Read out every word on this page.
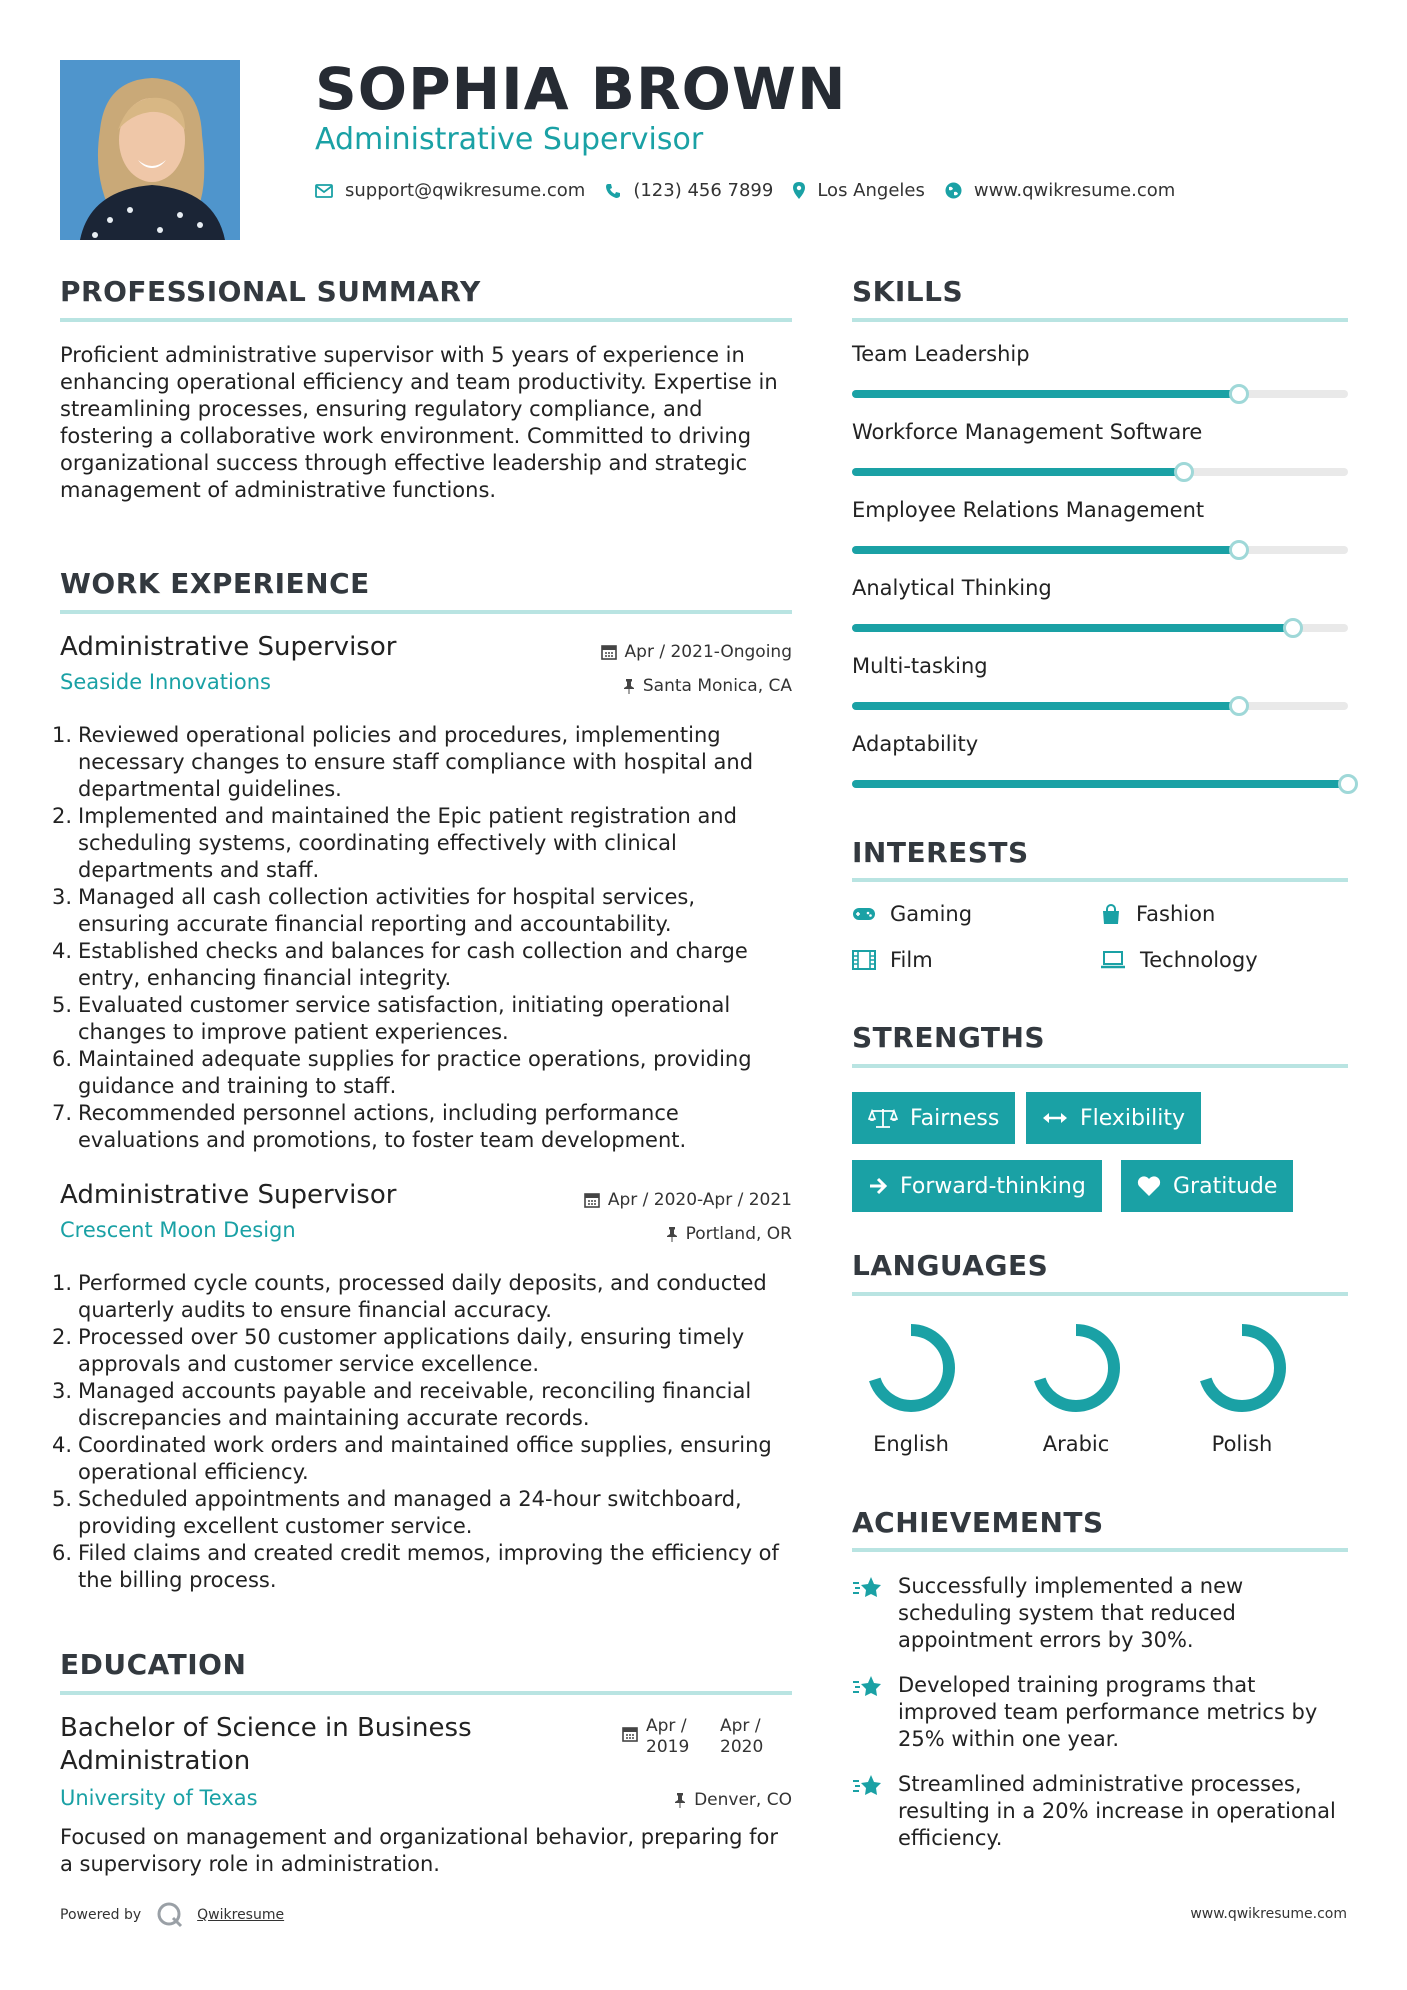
SOPHIA BROWN
Administrative Supervisor
support@qwikresume.com	(123) 456 7899 Los Angeles	www.qwikresume.com
PROFESSIONAL SUMMARY
Proficient administrative supervisor with 5 years of experience in enhancing operational efficiency and team productivity. Expertise in streamlining processes, ensuring regulatory compliance, and fostering a collaborative work environment. Committed to driving organizational success through effective leadership and strategic management of administrative functions.
WORK EXPERIENCE
Administrative Supervisor
Seaside Innovations
Apr / 2021-Ongoing
Santa Monica, CA
1. Reviewed operational policies and procedures, implementing necessary changes to ensure staff compliance with hospital and departmental guidelines.
2. Implemented and maintained the Epic patient registration and scheduling systems, coordinating effectively with clinical departments and staff.
3. Managed all cash collection activities for hospital services, ensuring accurate financial reporting and accountability.
4. Established checks and balances for cash collection and charge entry, enhancing financial integrity.
5. Evaluated customer service satisfaction, initiating operational changes to improve patient experiences.
6. Maintained adequate supplies for practice operations, providing guidance and training to staff.
7. Recommended personnel actions, including performance evaluations and promotions, to foster team development.
Administrative Supervisor
Crescent Moon Design
Apr / 2020-Apr / 2021
Portland, OR
1. Performed cycle counts, processed daily deposits, and conducted quarterly audits to ensure financial accuracy.
2. Processed over 50 customer applications daily, ensuring timely approvals and customer service excellence.
3. Managed accounts payable and receivable, reconciling financial discrepancies and maintaining accurate records.
4. Coordinated work orders and maintained office supplies, ensuring operational efficiency.
5. Scheduled appointments and managed a 24-hour switchboard, providing excellent customer service.
6. Filed claims and created credit memos, improving the efficiency of the billing process.
EDUCATION
Bachelor of Science in Business Administration
Apr / 2019
Apr / 2020
University of Texas	Denver, CO
Focused on management and organizational behavior, preparing for a supervisory role in administration.
SKILLS
Team Leadership
Workforce Management Software
Employee Relations Management
Analytical Thinking
Multi-tasking
Adaptability
INTERESTS
Gaming	Fashion
Film	Technology
STRENGTHS
Fairness	Flexibility
Forward-thinking	Gratitude
LANGUAGES
English	Arabic	Polish
ACHIEVEMENTS
Successfully implemented a new scheduling system that reduced appointment errors by 30%.
Developed training programs that improved team performance metrics by 25% within one year.
Streamlined administrative processes, resulting in a 20% increase in operational efficiency.
Powered by	Qwikresume	www.qwikresume.com
